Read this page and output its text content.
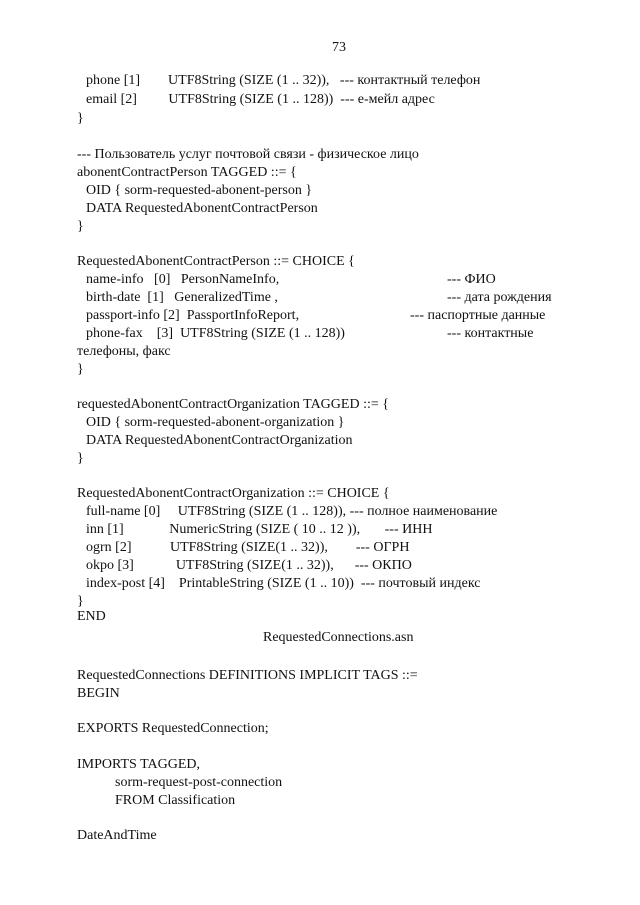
73
phone [1]        UTF8String (SIZE (1 .. 32)),   --- контактный телефон
email [2]         UTF8String (SIZE (1 .. 128))  --- е-мейл адрес
}
--- Пользователь услуг почтовой связи - физическое лицо
abonentContractPerson TAGGED ::= {
OID { sorm-requested-abonent-person }
DATA RequestedAbonentContractPerson
}
RequestedAbonentContractPerson ::= CHOICE {
name-info   [0]   PersonNameInfo,	--- ФИО
birth-date  [1]   GeneralizedTime ,	--- дата рождения
passport-info [2]  PassportInfoReport,	--- паспортные данные
phone-fax    [3]  UTF8String (SIZE (1 .. 128))	--- контактные
телефоны, факс
}
requestedAbonentContractOrganization TAGGED ::= {
OID { sorm-requested-abonent-organization }
DATA RequestedAbonentContractOrganization
}
RequestedAbonentContractOrganization ::= CHOICE {
full-name [0]     UTF8String (SIZE (1 .. 128)), --- полное наименование
inn [1]             NumericString (SIZE ( 10 .. 12 )),       --- ИНН
ogrn [2]           UTF8String (SIZE(1 .. 32)),        --- ОГРН
okpo [3]            UTF8String (SIZE(1 .. 32)),      --- ОКПО
index-post [4]    PrintableString (SIZE (1 .. 10))  --- почтовый индекс
}
END
RequestedConnections.asn
RequestedConnections DEFINITIONS IMPLICIT TAGS ::=
BEGIN
EXPORTS RequestedConnection;
IMPORTS TAGGED,
sorm-request-post-connection
FROM Classification
DateAndTime
